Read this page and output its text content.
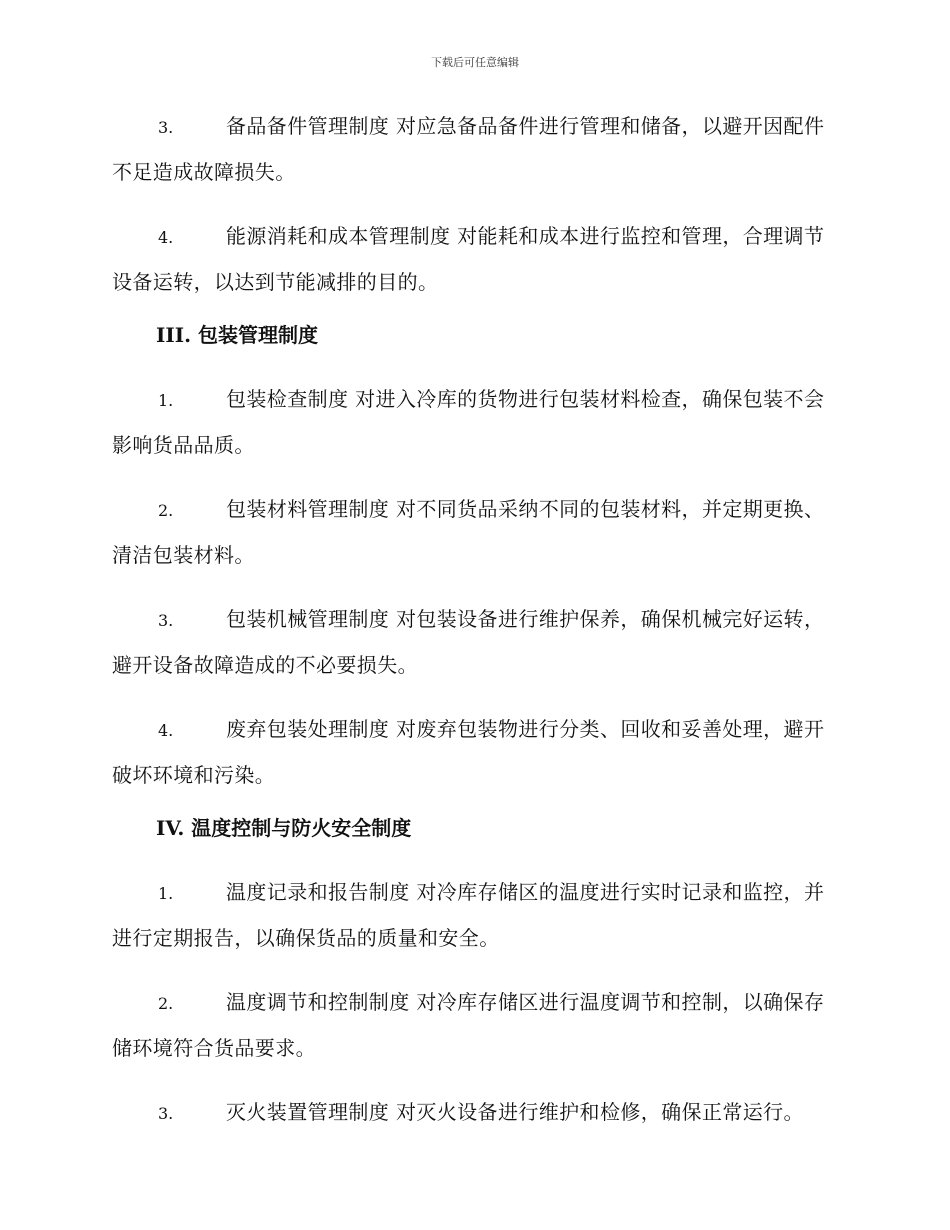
下载后可任意编辑

3.	备品备件管理制度 对应急备品备件进行管理和储备，以避开因配件不足造成故障损失。

4.	能源消耗和成本管理制度 对能耗和成本进行监控和管理，合理调节设备运转，以达到节能减排的目的。

III. 包装管理制度

1.	包装检查制度 对进入冷库的货物进行包装材料检查，确保包装不会影响货品品质。

2.	包装材料管理制度 对不同货品采纳不同的包装材料，并定期更换、清洁包装材料。

3.	包装机械管理制度 对包装设备进行维护保养，确保机械完好运转，避开设备故障造成的不必要损失。

4.	废弃包装处理制度 对废弃包装物进行分类、回收和妥善处理，避开破坏环境和污染。

IV. 温度控制与防火安全制度

1.	温度记录和报告制度 对冷库存储区的温度进行实时记录和监控，并进行定期报告，以确保货品的质量和安全。

2.	温度调节和控制制度 对冷库存储区进行温度调节和控制，以确保存储环境符合货品要求。

3.	灭火装置管理制度 对灭火设备进行维护和检修，确保正常运行。
